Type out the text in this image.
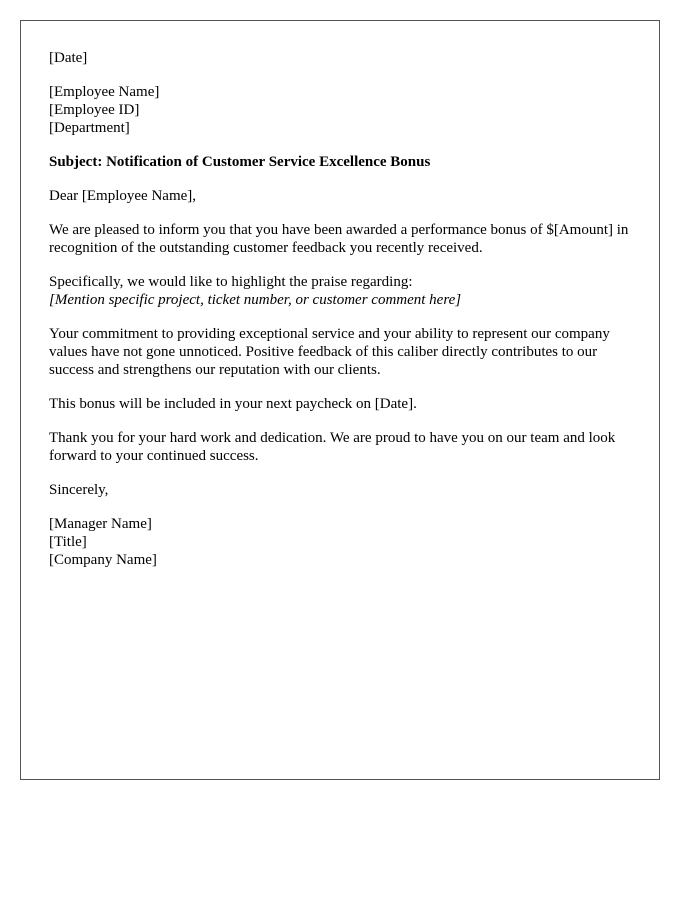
[Date]

[Employee Name]
[Employee ID]
[Department]

Subject: Notification of Customer Service Excellence Bonus

Dear [Employee Name],

We are pleased to inform you that you have been awarded a performance bonus of $[Amount] in recognition of the outstanding customer feedback you recently received.

Specifically, we would like to highlight the praise regarding:
[Mention specific project, ticket number, or customer comment here]

Your commitment to providing exceptional service and your ability to represent our company values have not gone unnoticed. Positive feedback of this caliber directly contributes to our success and strengthens our reputation with our clients.

This bonus will be included in your next paycheck on [Date].

Thank you for your hard work and dedication. We are proud to have you on our team and look forward to your continued success.

Sincerely,

[Manager Name]
[Title]
[Company Name]
